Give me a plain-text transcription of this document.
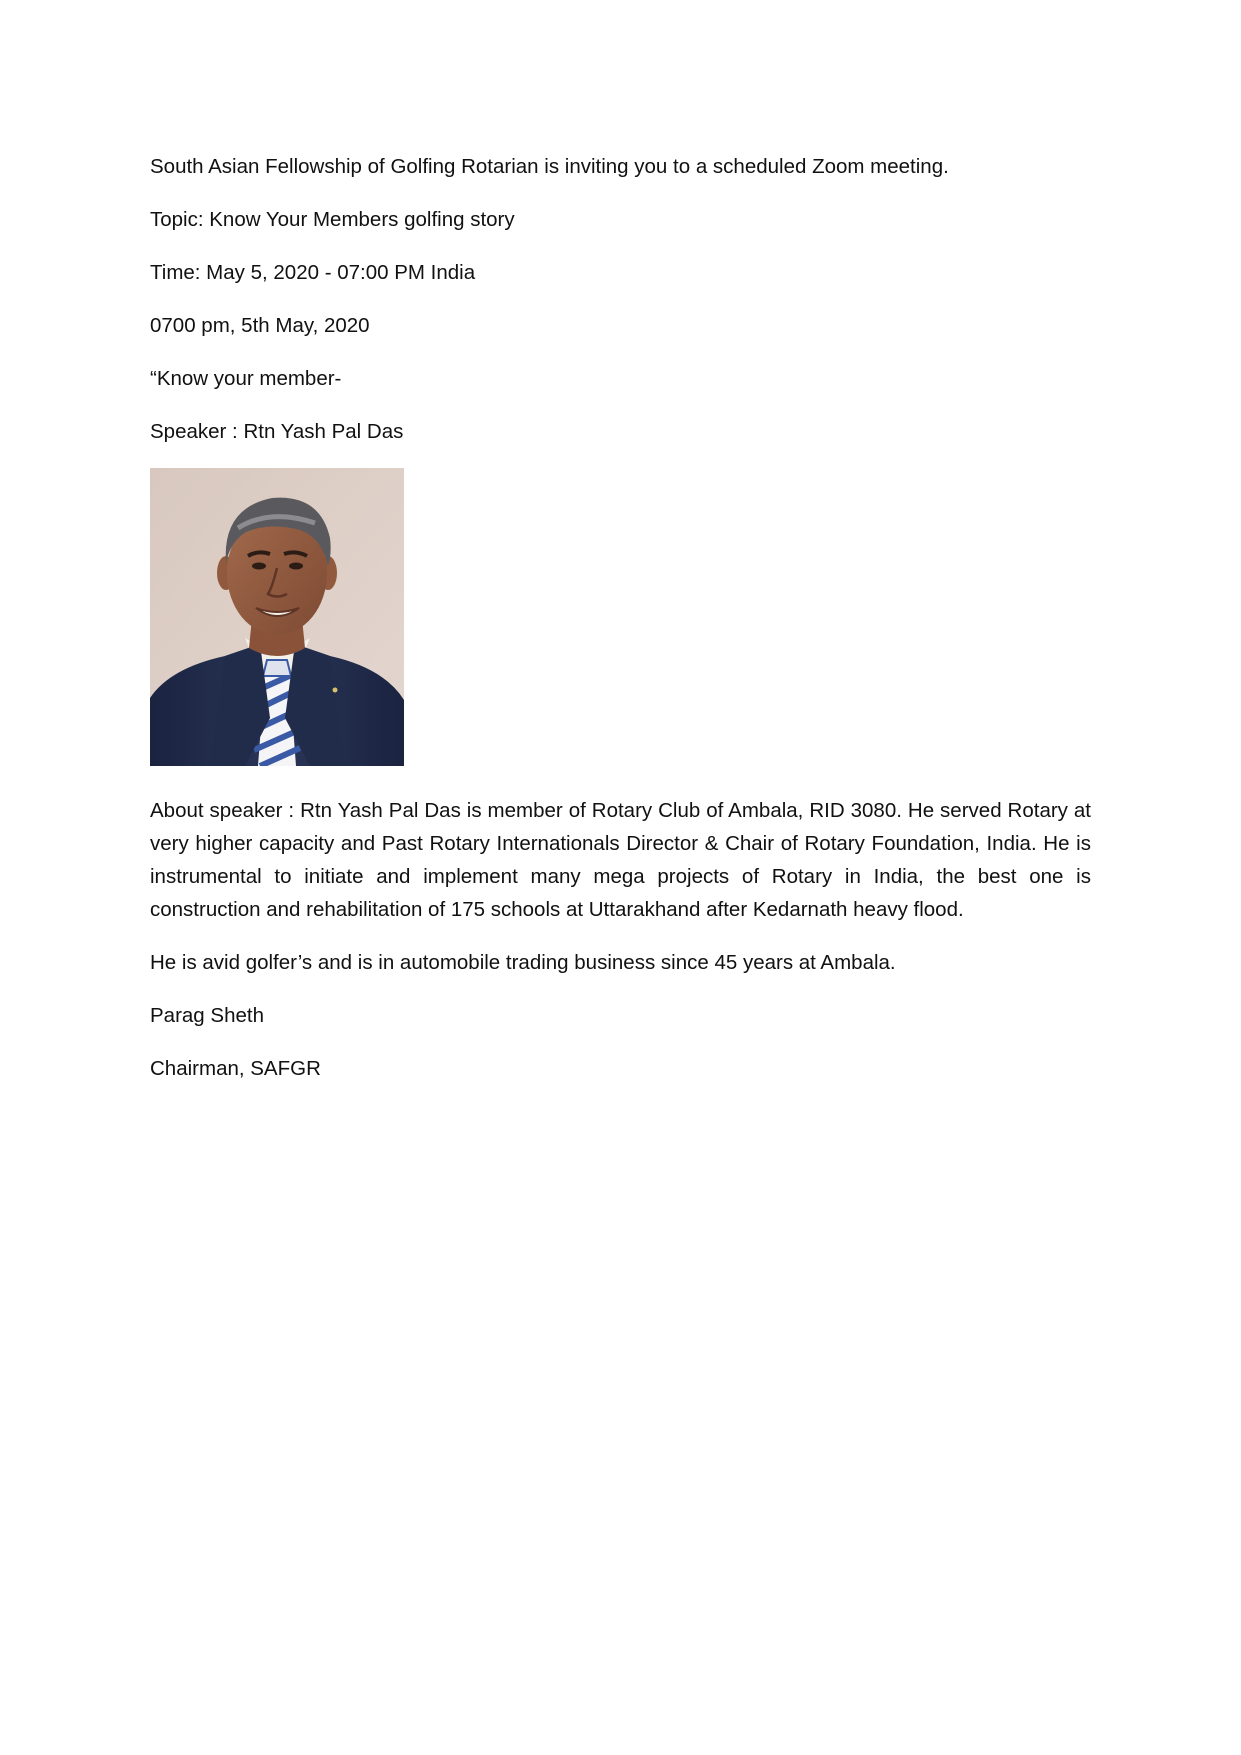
South Asian Fellowship of Golfing Rotarian is inviting you to a scheduled Zoom meeting.

Topic: Know Your Members golfing story

Time: May 5, 2020 - 07:00 PM India

0700 pm, 5th May, 2020

“Know your member-

Speaker : Rtn Yash Pal Das

About speaker : Rtn Yash Pal Das is member of Rotary Club of Ambala, RID 3080. He served Rotary at very higher capacity and Past Rotary Internationals Director & Chair of Rotary Foundation, India. He is instrumental to initiate and implement many mega projects of Rotary in India, the best one is construction and rehabilitation of 175 schools at Uttarakhand after Kedarnath heavy flood.

He is avid golfer’s and is in automobile trading business since 45 years at Ambala.

Parag Sheth

Chairman, SAFGR
